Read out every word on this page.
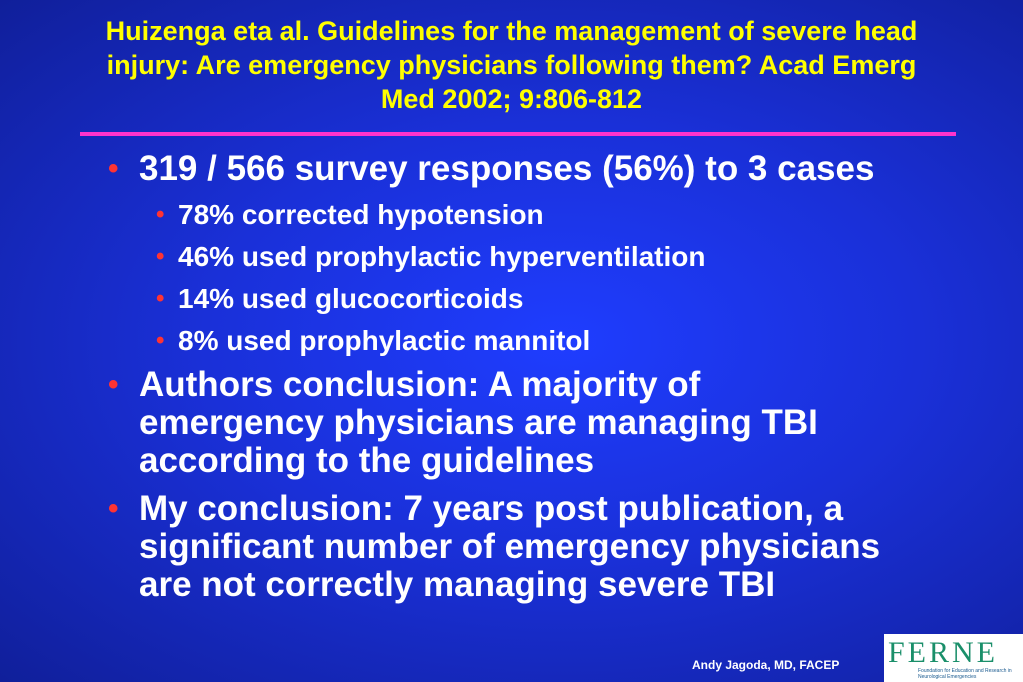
Huizenga eta al. Guidelines for the management of severe head
injury: Are emergency physicians following them? Acad Emerg
Med 2002; 9:806-812
• 319 / 566 survey responses (56%) to 3 cases
• 78% corrected hypotension
• 46% used prophylactic hyperventilation
• 14% used glucocorticoids
• 8% used prophylactic mannitol
• Authors conclusion: A majority of
emergency physicians are managing TBI
according to the guidelines
• My conclusion: 7 years post publication, a
significant number of emergency physicians
are not correctly managing severe TBI
Andy Jagoda, MD, FACEP FERNE
Foundation for Education and Research in Neurological Emergencies
